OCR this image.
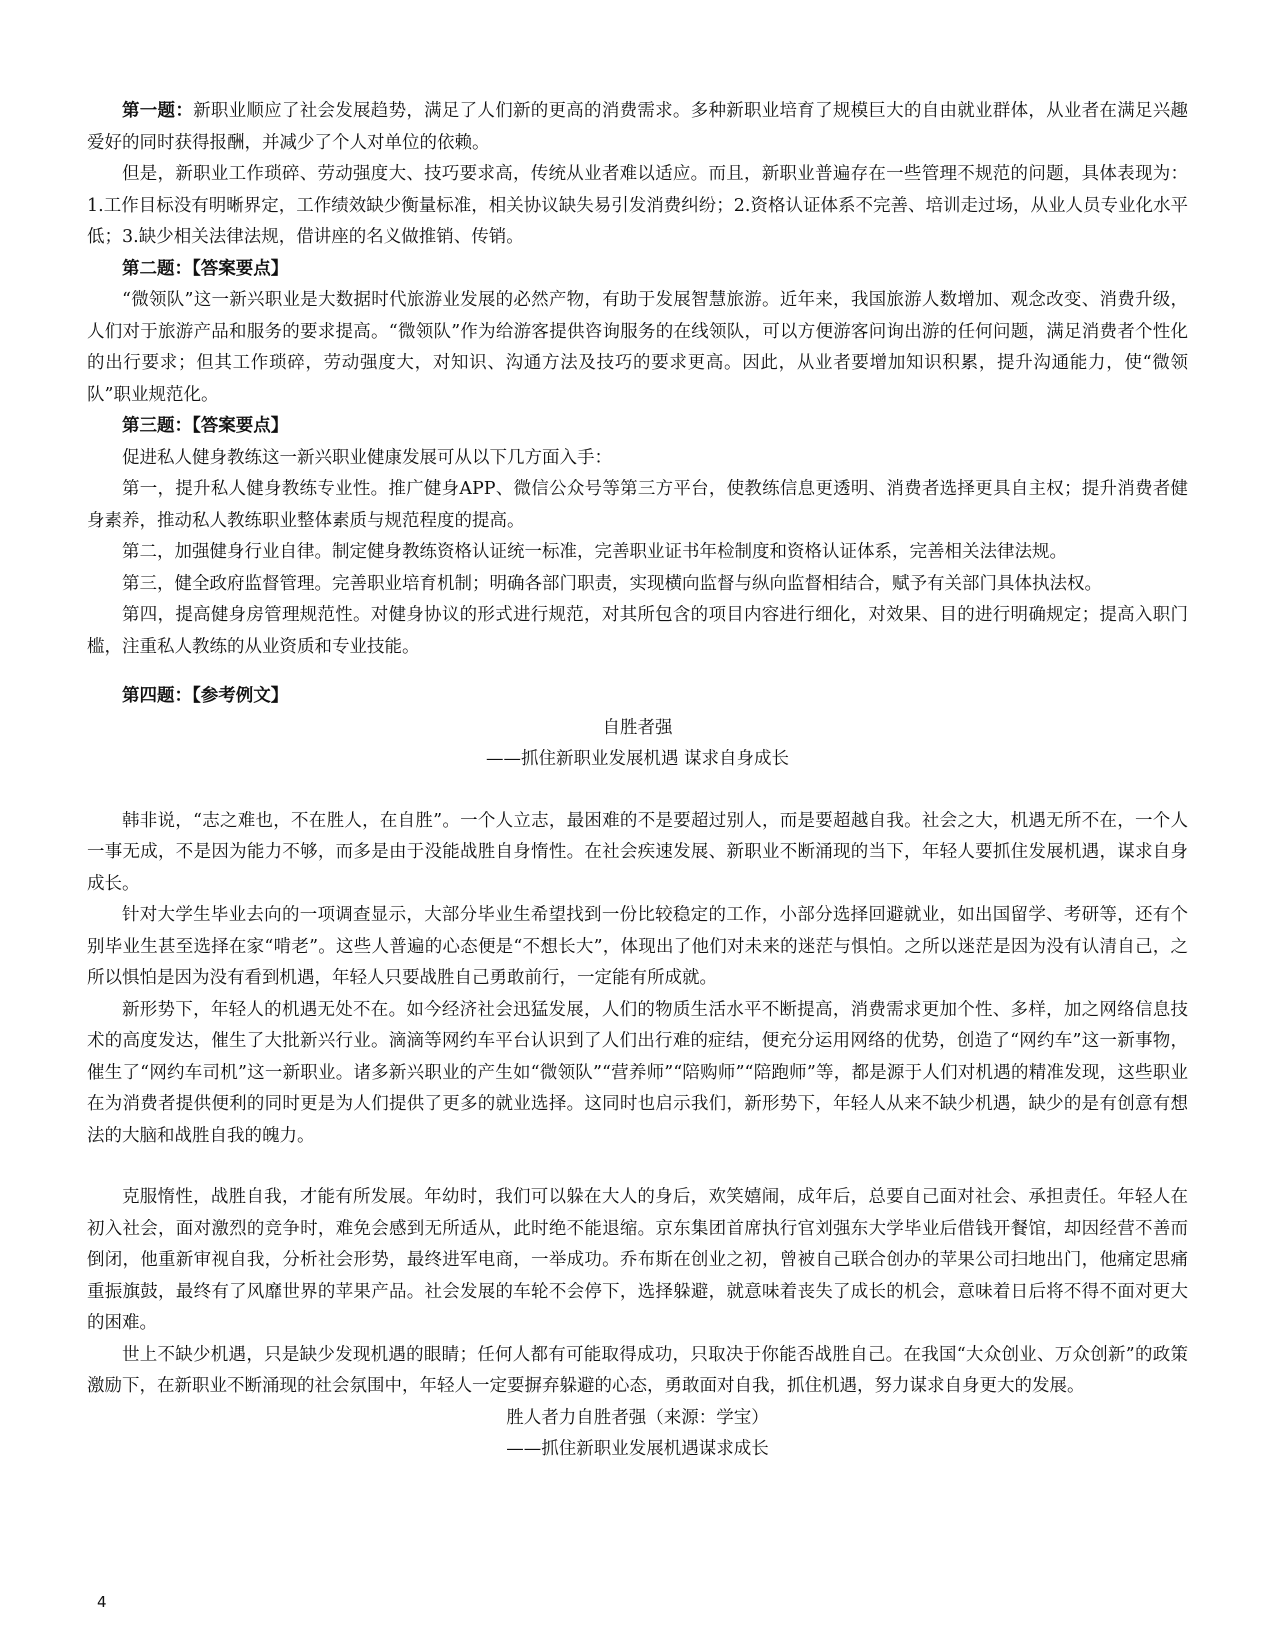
第一题：新职业顺应了社会发展趋势，满足了人们新的更高的消费需求。多种新职业培育了规模巨大的自由就业群体，从业者在满足兴趣爱好的同时获得报酬，并减少了个人对单位的依赖。

但是，新职业工作琐碎、劳动强度大、技巧要求高，传统从业者难以适应。而且，新职业普遍存在一些管理不规范的问题，具体表现为：1.工作目标没有明晰界定，工作绩效缺少衡量标准，相关协议缺失易引发消费纠纷；2.资格认证体系不完善、培训走过场，从业人员专业化水平低；3.缺少相关法律法规，借讲座的名义做推销、传销。

第二题：【答案要点】

“微领队”这一新兴职业是大数据时代旅游业发展的必然产物，有助于发展智慧旅游。近年来，我国旅游人数增加、观念改变、消费升级，人们对于旅游产品和服务的要求提高。“微领队”作为给游客提供咨询服务的在线领队，可以方便游客问询出游的任何问题，满足消费者个性化的出行要求；但其工作琐碎，劳动强度大，对知识、沟通方法及技巧的要求更高。因此，从业者要增加知识积累，提升沟通能力，使“微领队”职业规范化。

第三题：【答案要点】

促进私人健身教练这一新兴职业健康发展可从以下几方面入手：

第一，提升私人健身教练专业性。推广健身APP、微信公众号等第三方平台，使教练信息更透明、消费者选择更具自主权；提升消费者健身素养，推动私人教练职业整体素质与规范程度的提高。

第二，加强健身行业自律。制定健身教练资格认证统一标准，完善职业证书年检制度和资格认证体系，完善相关法律法规。

第三，健全政府监督管理。完善职业培育机制；明确各部门职责，实现横向监督与纵向监督相结合，赋予有关部门具体执法权。

第四，提高健身房管理规范性。对健身协议的形式进行规范，对其所包含的项目内容进行细化，对效果、目的进行明确规定；提高入职门槛，注重私人教练的从业资质和专业技能。

第四题：【参考例文】

自胜者强
——抓住新职业发展机遇 谋求自身成长

韩非说，“志之难也，不在胜人，在自胜”。一个人立志，最困难的不是要超过别人，而是要超越自我。社会之大，机遇无所不在，一个人一事无成，不是因为能力不够，而多是由于没能战胜自身惰性。在社会疾速发展、新职业不断涌现的当下，年轻人要抓住发展机遇，谋求自身成长。

针对大学生毕业去向的一项调查显示，大部分毕业生希望找到一份比较稳定的工作，小部分选择回避就业，如出国留学、考研等，还有个别毕业生甚至选择在家“啃老”。这些人普遍的心态便是“不想长大”，体现出了他们对未来的迷茫与惧怕。之所以迷茫是因为没有认清自己，之所以惧怕是因为没有看到机遇，年轻人只要战胜自己勇敢前行，一定能有所成就。

新形势下，年轻人的机遇无处不在。如今经济社会迅猛发展，人们的物质生活水平不断提高，消费需求更加个性、多样，加之网络信息技术的高度发达，催生了大批新兴行业。滴滴等网约车平台认识到了人们出行难的症结，便充分运用网络的优势，创造了“网约车”这一新事物，催生了“网约车司机”这一新职业。诸多新兴职业的产生如“微领队”“营养师”“陪购师”“陪跑师”等，都是源于人们对机遇的精准发现，这些职业在为消费者提供便利的同时更是为人们提供了更多的就业选择。这同时也启示我们，新形势下，年轻人从来不缺少机遇，缺少的是有创意有想法的大脑和战胜自我的魄力。

克服惰性，战胜自我，才能有所发展。年幼时，我们可以躲在大人的身后，欢笑嬉闹，成年后，总要自己面对社会、承担责任。年轻人在初入社会，面对激烈的竞争时，难免会感到无所适从，此时绝不能退缩。京东集团首席执行官刘强东大学毕业后借钱开餐馆，却因经营不善而倒闭，他重新审视自我，分析社会形势，最终进军电商，一举成功。乔布斯在创业之初，曾被自己联合创办的苹果公司扫地出门，他痛定思痛重振旗鼓，最终有了风靡世界的苹果产品。社会发展的车轮不会停下，选择躲避，就意味着丧失了成长的机会，意味着日后将不得不面对更大的困难。

世上不缺少机遇，只是缺少发现机遇的眼睛；任何人都有可能取得成功，只取决于你能否战胜自己。在我国“大众创业、万众创新”的政策激励下，在新职业不断涌现的社会氛围中，年轻人一定要摒弃躲避的心态，勇敢面对自我，抓住机遇，努力谋求自身更大的发展。

胜人者力自胜者强（来源：学宝）
——抓住新职业发展机遇谋求成长
4
